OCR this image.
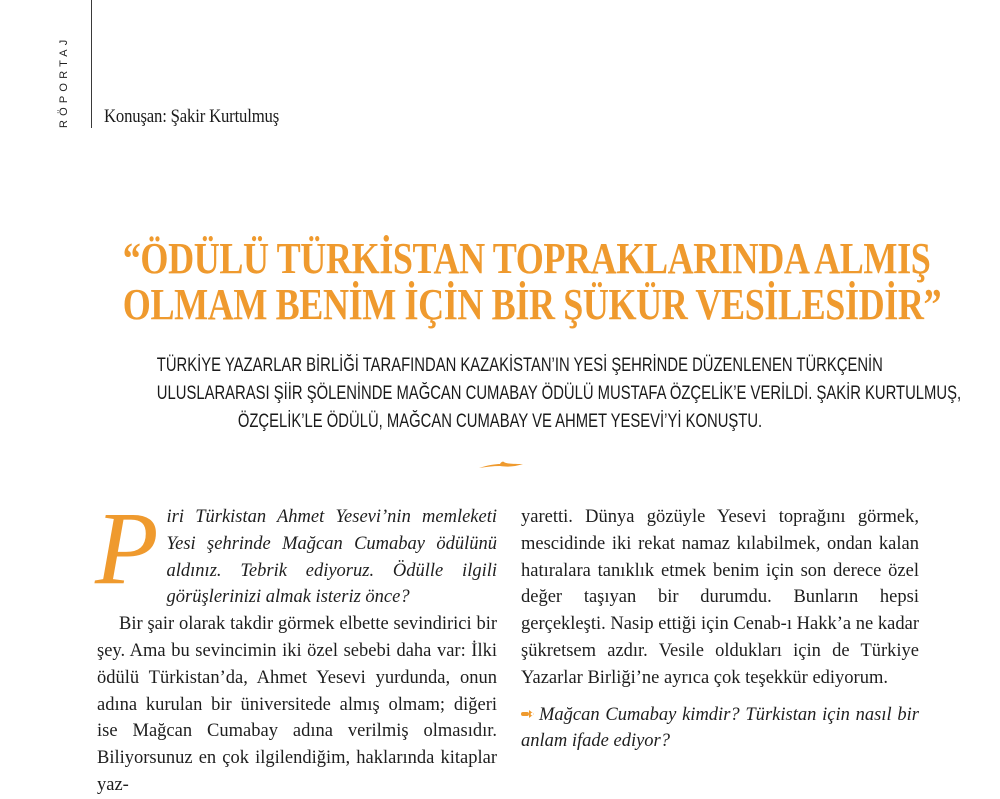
RÖPORTAJ Konuşan: Şakir Kurtulmuş
“ÖDÜLÜ TÜRKİSTAN TOPRAKLARINDA ALMIŞ
OLMAM BENİM İÇİN BİR ŞÜKÜR VESİLESİDİR”
TÜRKİYE YAZARLAR BİRLİĞİ TARAFINDAN KAZAKİSTAN’IN YESİ ŞEHRİNDE DÜZENLENEN TÜRKÇENİN
ULUSLARARASI ŞİİR ŞÖLENİNDE MAĞCAN CUMABAY ÖDÜLÜ MUSTAFA ÖZÇELİK’E VERİLDİ. ŞAKİR KURTULMUŞ,
ÖZÇELİK’LE ÖDÜLÜ, MAĞCAN CUMABAY VE AHMET YESEVİ’Yİ KONUŞTU.

Piri Türkistan Ahmet Yesevi’nin memleketi Yesi şehrinde Mağcan Cumabay ödülünü aldınız. Tebrik ediyoruz. Ödülle ilgili görüşlerinizi almak isteriz önce?

Bir şair olarak takdir görmek elbette sevindirici bir şey. Ama bu sevincimin iki özel sebebi daha var: İlki ödülü Türkistan’da, Ahmet Yesevi yurdunda, onun adına kurulan bir üniversitede almış olmam; diğeri ise Mağcan Cumabay adına verilmiş olmasıdır. Biliyorsunuz en çok ilgilendiğim, haklarında kitaplar yaz-

yaretti. Dünya gözüyle Yesevi toprağını görmek, mescidinde iki rekat namaz kılabilmek, ondan kalan hatıralara tanıklık etmek benim için son derece özel değer taşıyan bir durumdu. Bunların hepsi gerçekleşti. Nasip ettiği için Cenab-ı Hakk’a ne kadar şükretsem azdır. Vesile oldukları için de Türkiye Yazarlar Birliği’ne ayrıca çok teşekkür ediyorum.

Mağcan Cumabay kimdir? Türkistan için nasıl bir anlam ifade ediyor?
